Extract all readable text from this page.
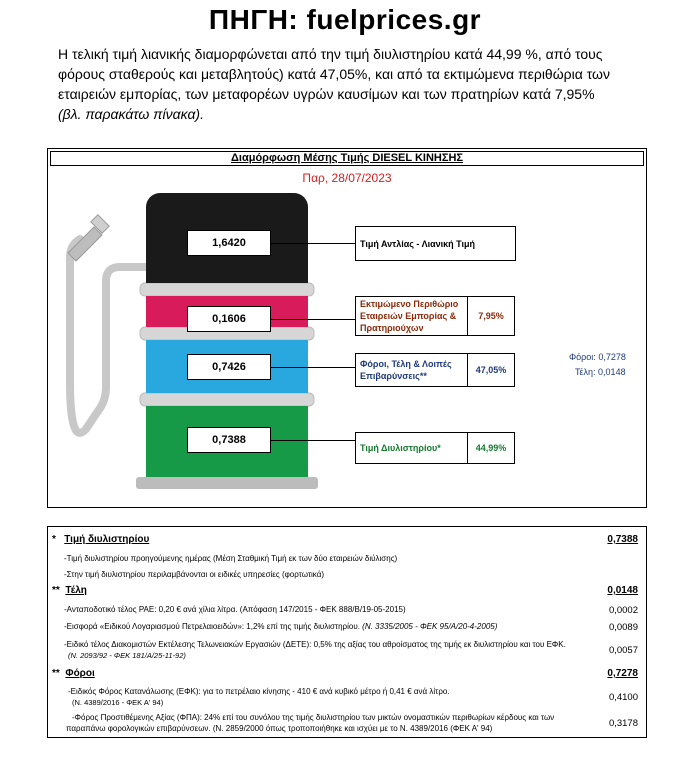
ΠΗΓΗ: fuelprices.gr
Η τελική τιμή λιανικής διαμορφώνεται από την τιμή διυλιστηρίου κατά 44,99 %, από τους
φόρους σταθερούς και μεταβλητούς) κατά 47,05%, και από τα εκτιμώμενα περιθώρια των
εταιρειών εμπορίας, των μεταφορέων υγρών καυσίμων και των πρατηρίων κατά 7,95%
(βλ. παρακάτω πίνακα).
Διαμόρφωση Μέσης Τιμής DIESEL ΚΙΝΗΣΗΣ
Παρ, 28/07/2023
1,6420
0,1606
0,7426
0,7388
Τιμή Αντλίας - Λιανική Τιμή
Εκτιμώμενο Περιθώριο Εταιρειών Εμπορίας & Πρατηριούχων
Φόροι, Τέλη & Λοιπές Επιβαρύνσεις**
Τιμή Διυλιστηρίου*
7,95%
47,05%
44,99%
Φόροι: 0,7278
Τέλη: 0,0148
* Τιμή διυλιστηρίου	0,7388
-Τιμή διυλιστηρίου προηγούμενης ημέρας (Μέση Σταθμική Τιμή εκ των δύο εταιρειών διύλισης)
-Στην τιμή διυλιστηρίου περιλαμβάνονται οι ειδικές υπηρεσίες (φορτωτικά)
** Τέλη	0,0148
-Ανταποδοτικό τέλος ΡΑΕ: 0,20 € ανά χίλια λίτρα. (Απόφαση 147/2015 - ΦΕΚ 888/Β/19-05-2015)	0,0002
-Εισφορά «Ειδικού Λογαριασμού Πετρελαιοειδών»: 1,2% επί της τιμής διυλιστηρίου. (Ν. 3335/2005 - ΦΕΚ 95/Α/20-4-2005)	0,0089
-Ειδικό τέλος Διακομιστών Εκτέλεσης Τελωνειακών Εργασιών (ΔΕΤΕ): 0,5% της αξίας του αθροίσματος της τιμής εκ διυλιστηρίου και του ΕΦΚ.
(Ν. 2093/92 - ΦΕΚ 181/Α/25-11-92)	0,0057
** Φόροι	0,7278
-Ειδικός Φόρος Κατανάλωσης (ΕΦΚ): για το πετρέλαιο κίνησης - 410 € ανά κυβικό μέτρο ή 0,41 € ανά λίτρο.
(Ν. 4389/2016 - ΦΕΚ Α' 94)	0,4100
-Φόρος Προστιθέμενης Αξίας (ΦΠΑ): 24% επί του συνόλου της τιμής διυλιστηρίου των μικτών ονομαστικών περιθωρίων κέρδους και των
παραπάνω φορολογικών επιβαρύνσεων. (Ν. 2859/2000 όπως τροποποιήθηκε και ισχύει με το Ν. 4389/2016 (ΦΕΚ Α' 94)	0,3178
